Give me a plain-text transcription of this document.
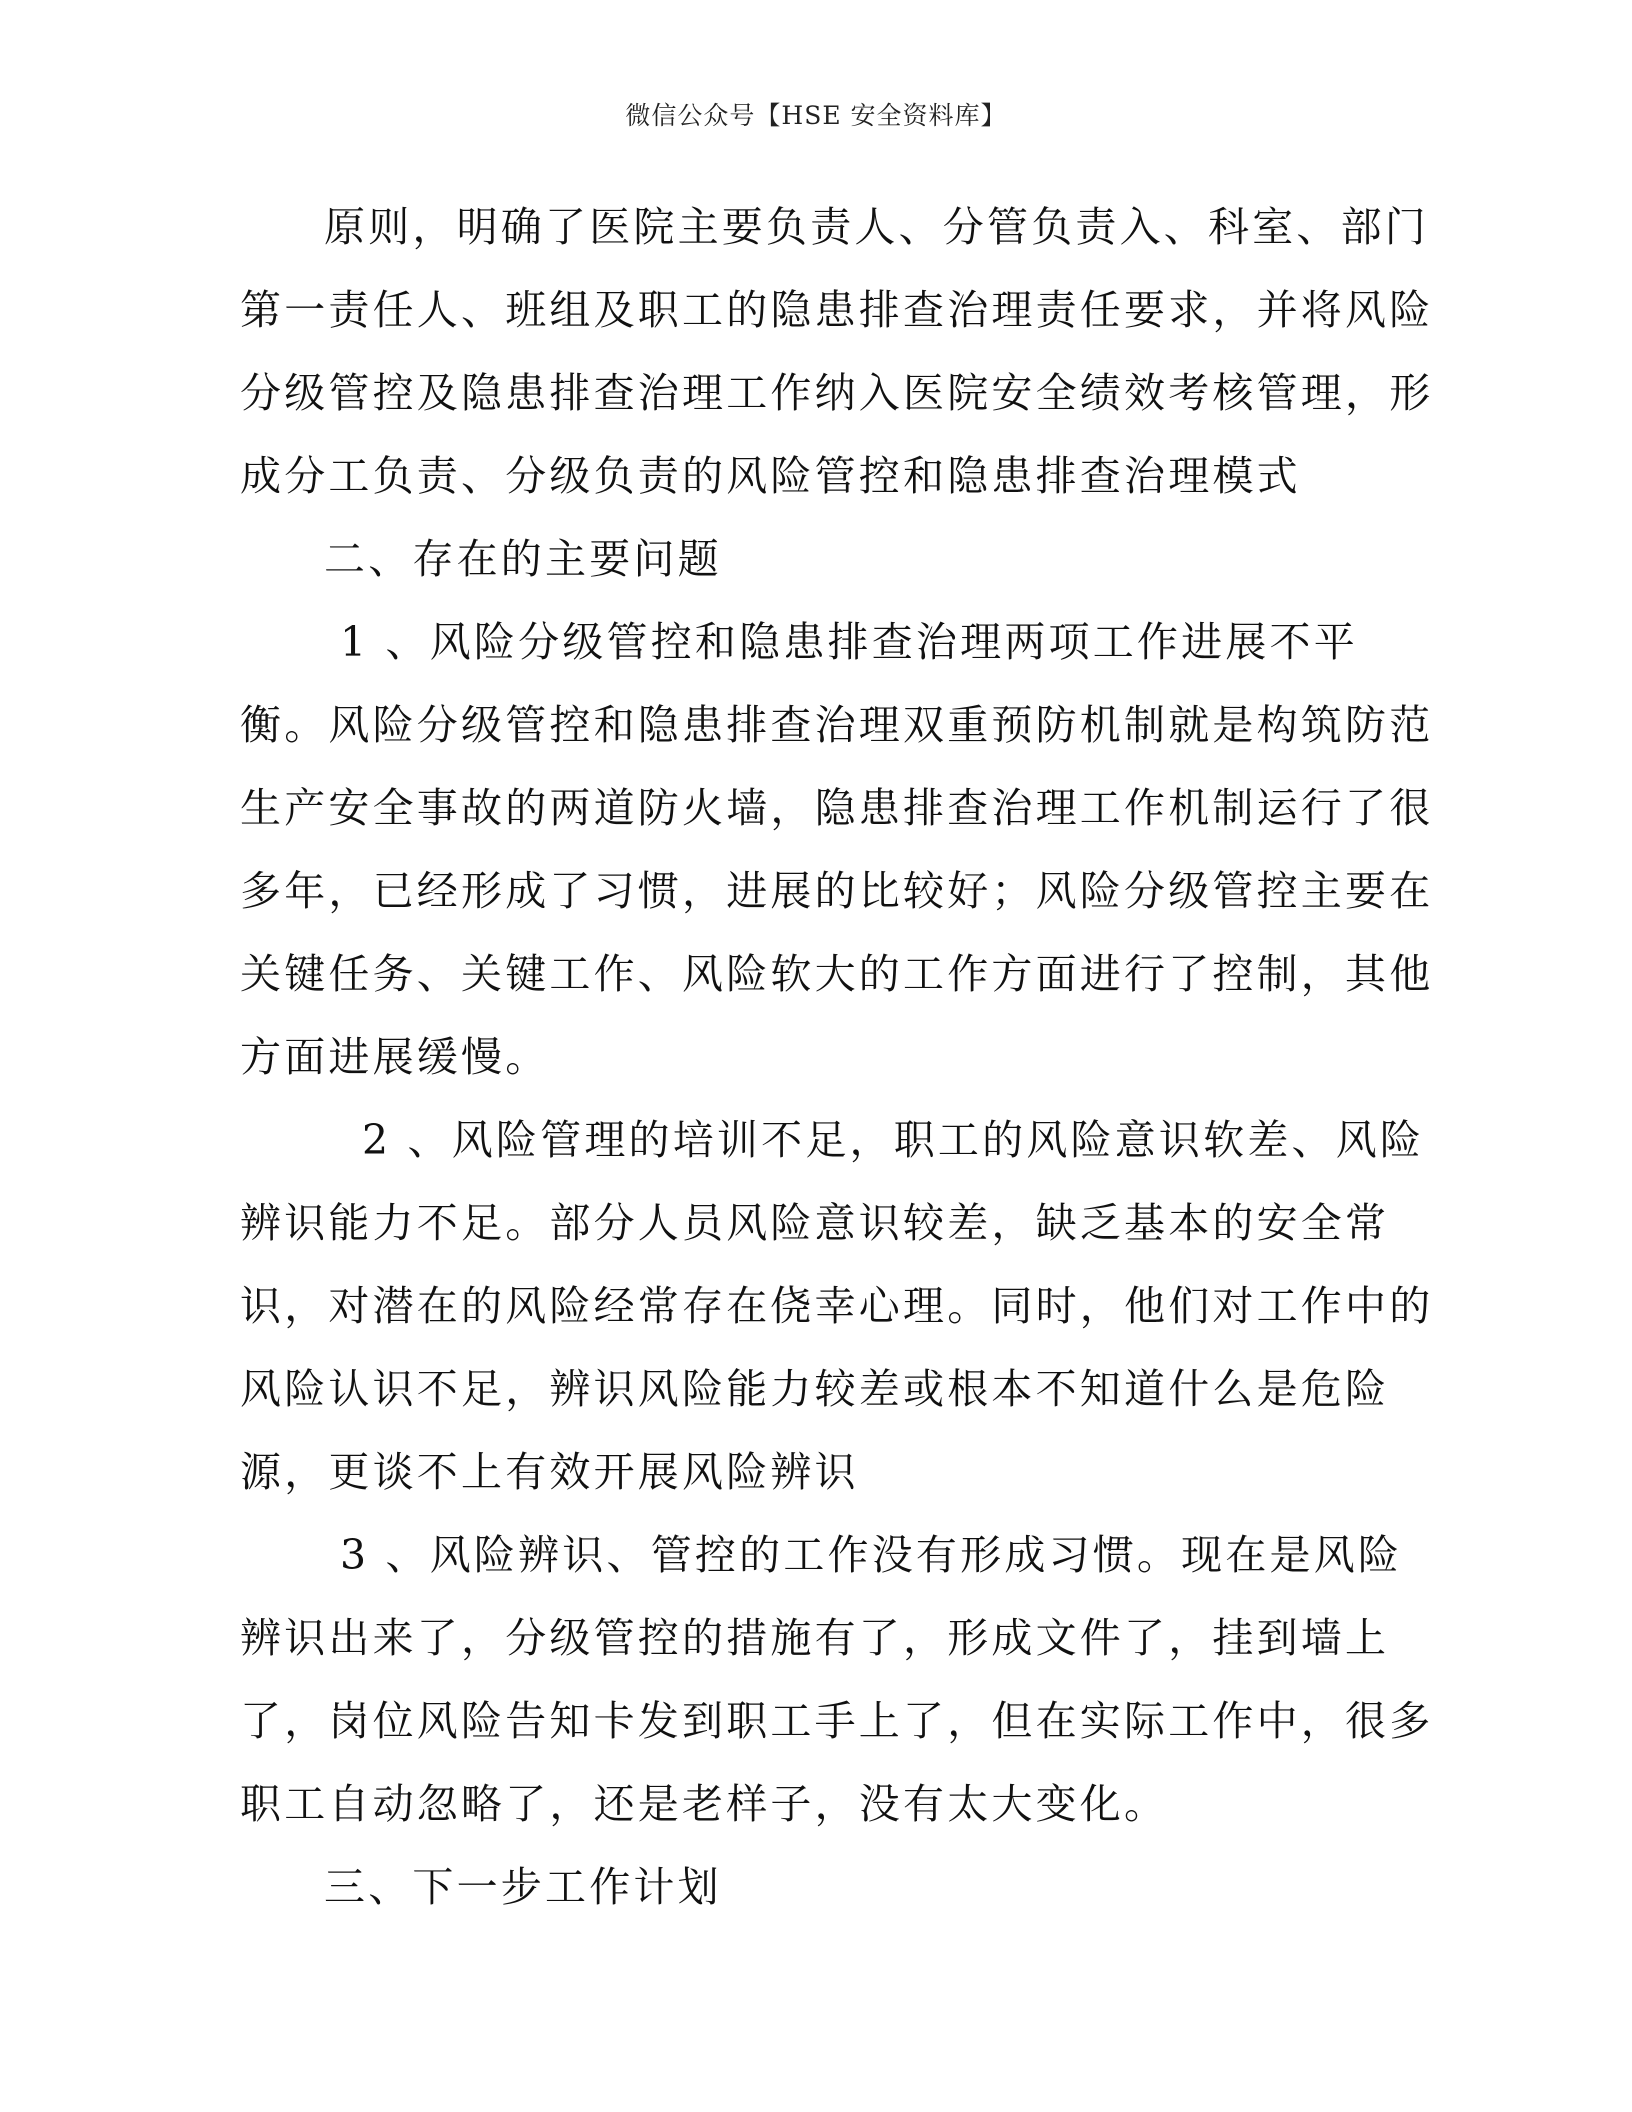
微信公众号【HSE 安全资料库】
原则，明确了医院主要负责人、分管负责入、科室、部门
第一责任人、班组及职工的隐患排查治理责任要求，并将风险
分级管控及隐患排查治理工作纳入医院安全绩效考核管理，形
成分工负责、分级负责的风险管控和隐患排查治理模式
二、存在的主要问题
1 、风险分级管控和隐患排查治理两项工作进展不平
衡。风险分级管控和隐患排查治理双重预防机制就是构筑防范
生产安全事故的两道防火墙，隐患排查治理工作机制运行了很
多年，已经形成了习惯，进展的比较好；风险分级管控主要在
关键任务、关键工作、风险软大的工作方面进行了控制，其他
方面进展缓慢。
2 、风险管理的培训不足，职工的风险意识软差、风险
辨识能力不足。部分人员风险意识较差，缺乏基本的安全常
识，对潜在的风险经常存在侥幸心理。同时，他们对工作中的
风险认识不足，辨识风险能力较差或根本不知道什么是危险
源，更谈不上有效开展风险辨识
3 、风险辨识、管控的工作没有形成习惯。现在是风险
辨识出来了，分级管控的措施有了，形成文件了，挂到墙上
了，岗位风险告知卡发到职工手上了，但在实际工作中，很多
职工自动忽略了，还是老样子，没有太大变化。
三、下一步工作计划
